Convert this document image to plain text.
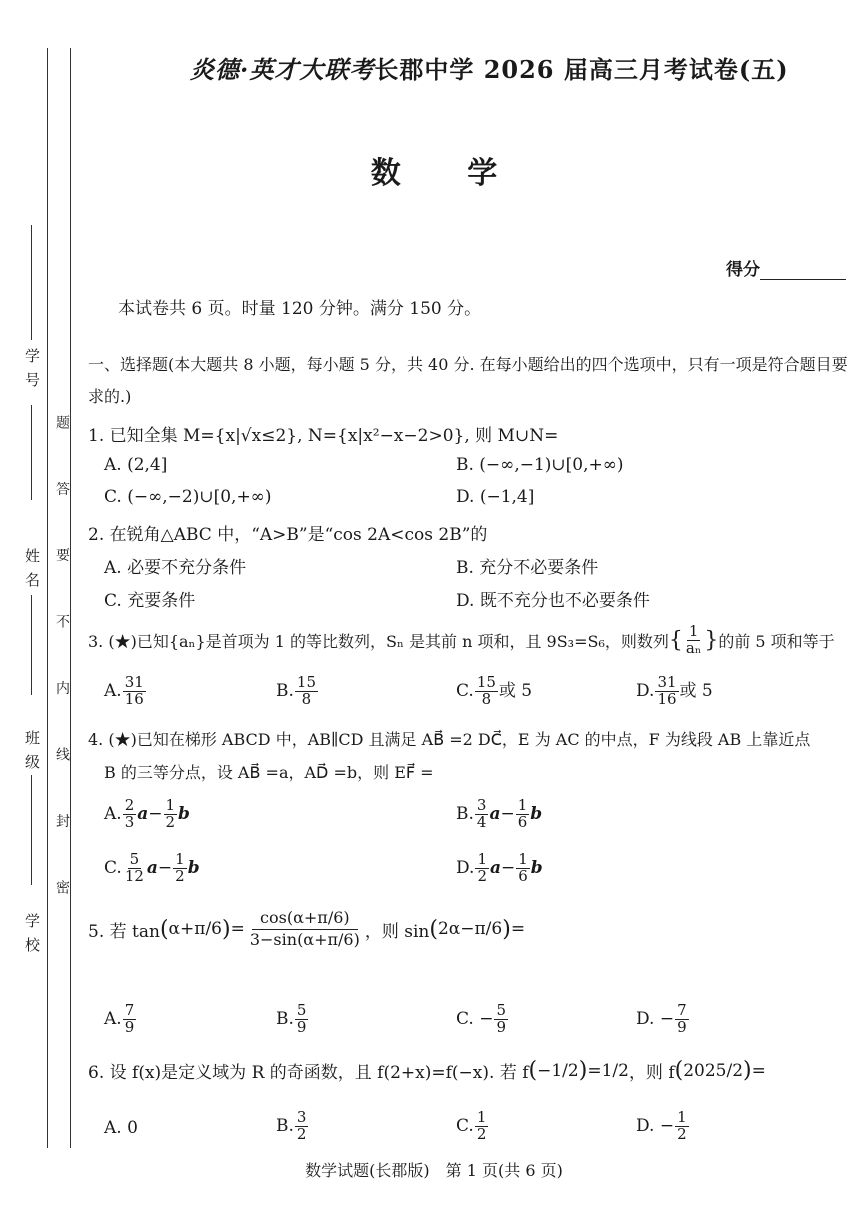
学 号
姓 名
班 级
学 校
题 答 要 不 内 线 封 密
炎德·英才大联考长郡中学 2026 届高三月考试卷(五)
数 学
得分
本试卷共 6 页。时量 120 分钟。满分 150 分。
一、选择题(本大题共 8 小题，每小题 5 分，共 40 分. 在每小题给出的四个选项中，只有一项是符合题目要求的.)
1. 已知全集 M={x|√x≤2}, N={x|x²−x−2>0}, 则 M∪N=
A. (2,4]	B. (−∞,−1)∪[0,+∞)
C. (−∞,−2)∪[0,+∞)	D. (−1,4]
2. 在锐角△ABC 中，“A>B”是“cos 2A<cos 2B”的
A. 必要不充分条件	B. 充分不必要条件
C. 充要条件	D. 既不充分也不必要条件
3. (★)已知{aₙ}是首项为 1 的等比数列，Sₙ 是其前 n 项和，且 9S₃=S₆，则数列 { $\frac{1}{\text{aₙ}}$ } 的前 5 项和等于
A. $\frac{31}{16}$	B. $\frac{15}{8}$	C. $\frac{15}{8}$ 或 5	D. $\frac{31}{16}$ 或 5
4. (★)已知在梯形 ABCD 中，AB∥CD 且满足 AB⃗ =2 DC⃗，E 为 AC 的中点，F 为线段 AB 上靠近点
B 的三等分点，设 AB⃗ =a，AD⃗ =b，则 EF⃗ =
A. $\frac{2}{3} a- \frac{1}{2}$ b	B. $\frac{3}{4} a- \frac{1}{6}$ b
C. $\frac{5}{12} a- \frac{1}{2}$ b	D. $\frac{1}{2} a- \frac{1}{6}$ b
5. 若 tan ( α+π/6 ) = $\frac{\cos(\alpha+\pi/6)}{3-\sin(\alpha+\pi/6)}$ ，则 sin ( 2α−π/6 ) =
A. $\frac{7}{9}$	B. $\frac{5}{9}$	C. − $\frac{5}{9}$	D. − $\frac{7}{9}$
6. 设 f(x)是定义域为 R 的奇函数，且 f(2+x)=f(−x). 若 f ( −1/2 ) = 1/2 ，则 f ( 2025/2 ) =
A. 0	B. $\frac{3}{2}$	C. $\frac{1}{2}$	D. − $\frac{1}{2}$
数学试题(长郡版)　第 1 页(共 6 页)
